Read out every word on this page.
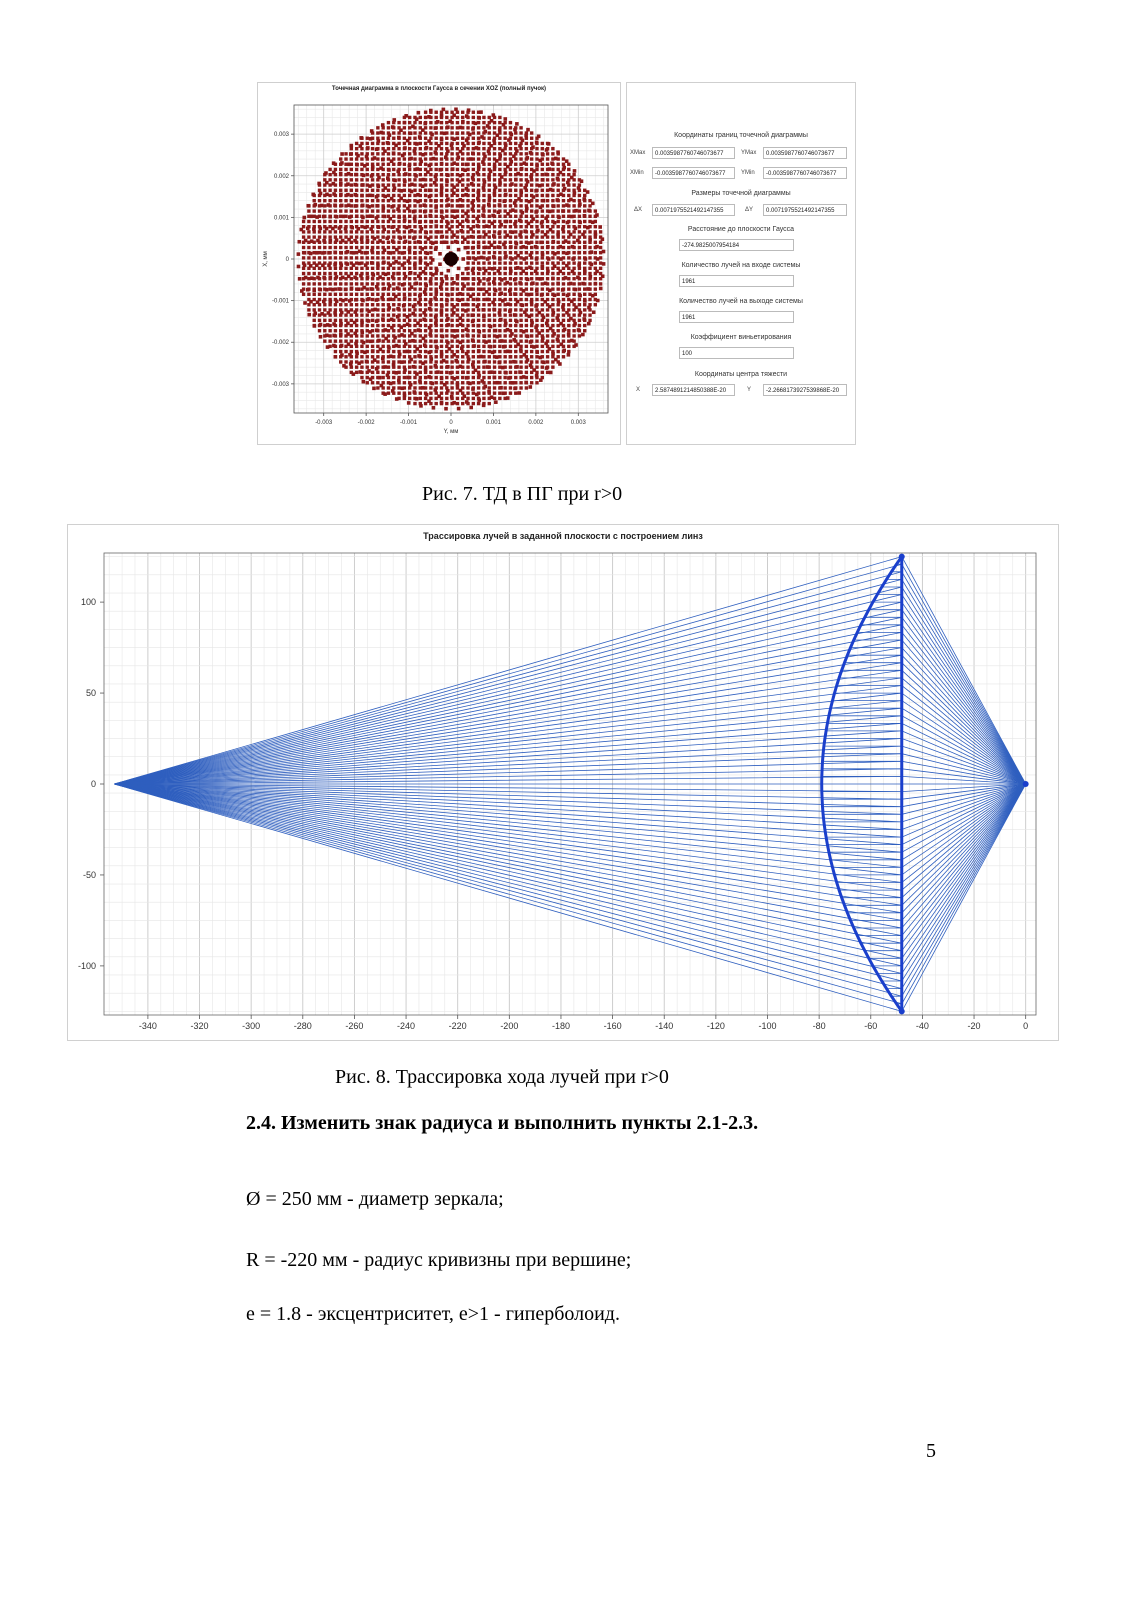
-0.003	-0.002	-0.001	0	0.001	0.002	0.003
0.003
0.002
0.001
0
-0.001
-0.002
-0.003
Y, мм
X, мм
Точечная диаграмма в плоскости Гаусса в сечении XOZ (полный пучок)
Координаты границ точечной диаграммы
XMax	0.0035987760746073677	YMax	0.0035987760746073677
XMin	-0.0035987760746073677	YMin	-0.0035987760746073677
Размеры точечной диаграммы
ΔX	0.0071975521492147355	ΔY	0.0071975521492147355
Расстояние до плоскости Гаусса
-274.9825007954184
Количество лучей на входе системы
1961
Количество лучей на выходе системы
1961
Коэффициент виньетирования
100
Координаты центра тяжести
X	2.5874891214850388E-20	Y	-2.2668173927539868E-20
Рис. 7. ТД в ПГ при r>0
-340	-320	-300	-280	-260	-240	-220	-200	-180	-160	-140	-120	-100	-80	-60	-40	-20	0
100
50
0
-50
-100
Трассировка лучей в заданной плоскости с построением линз
Рис. 8. Трассировка хода лучей при r>0
2.4. Изменить знак радиуса и выполнить пункты 2.1-2.3.
Ø = 250 мм - диаметр зеркала;
R = -220 мм - радиус кривизны при вершине;
e = 1.8 - эксцентриситет, e>1 - гиперболоид.
5
